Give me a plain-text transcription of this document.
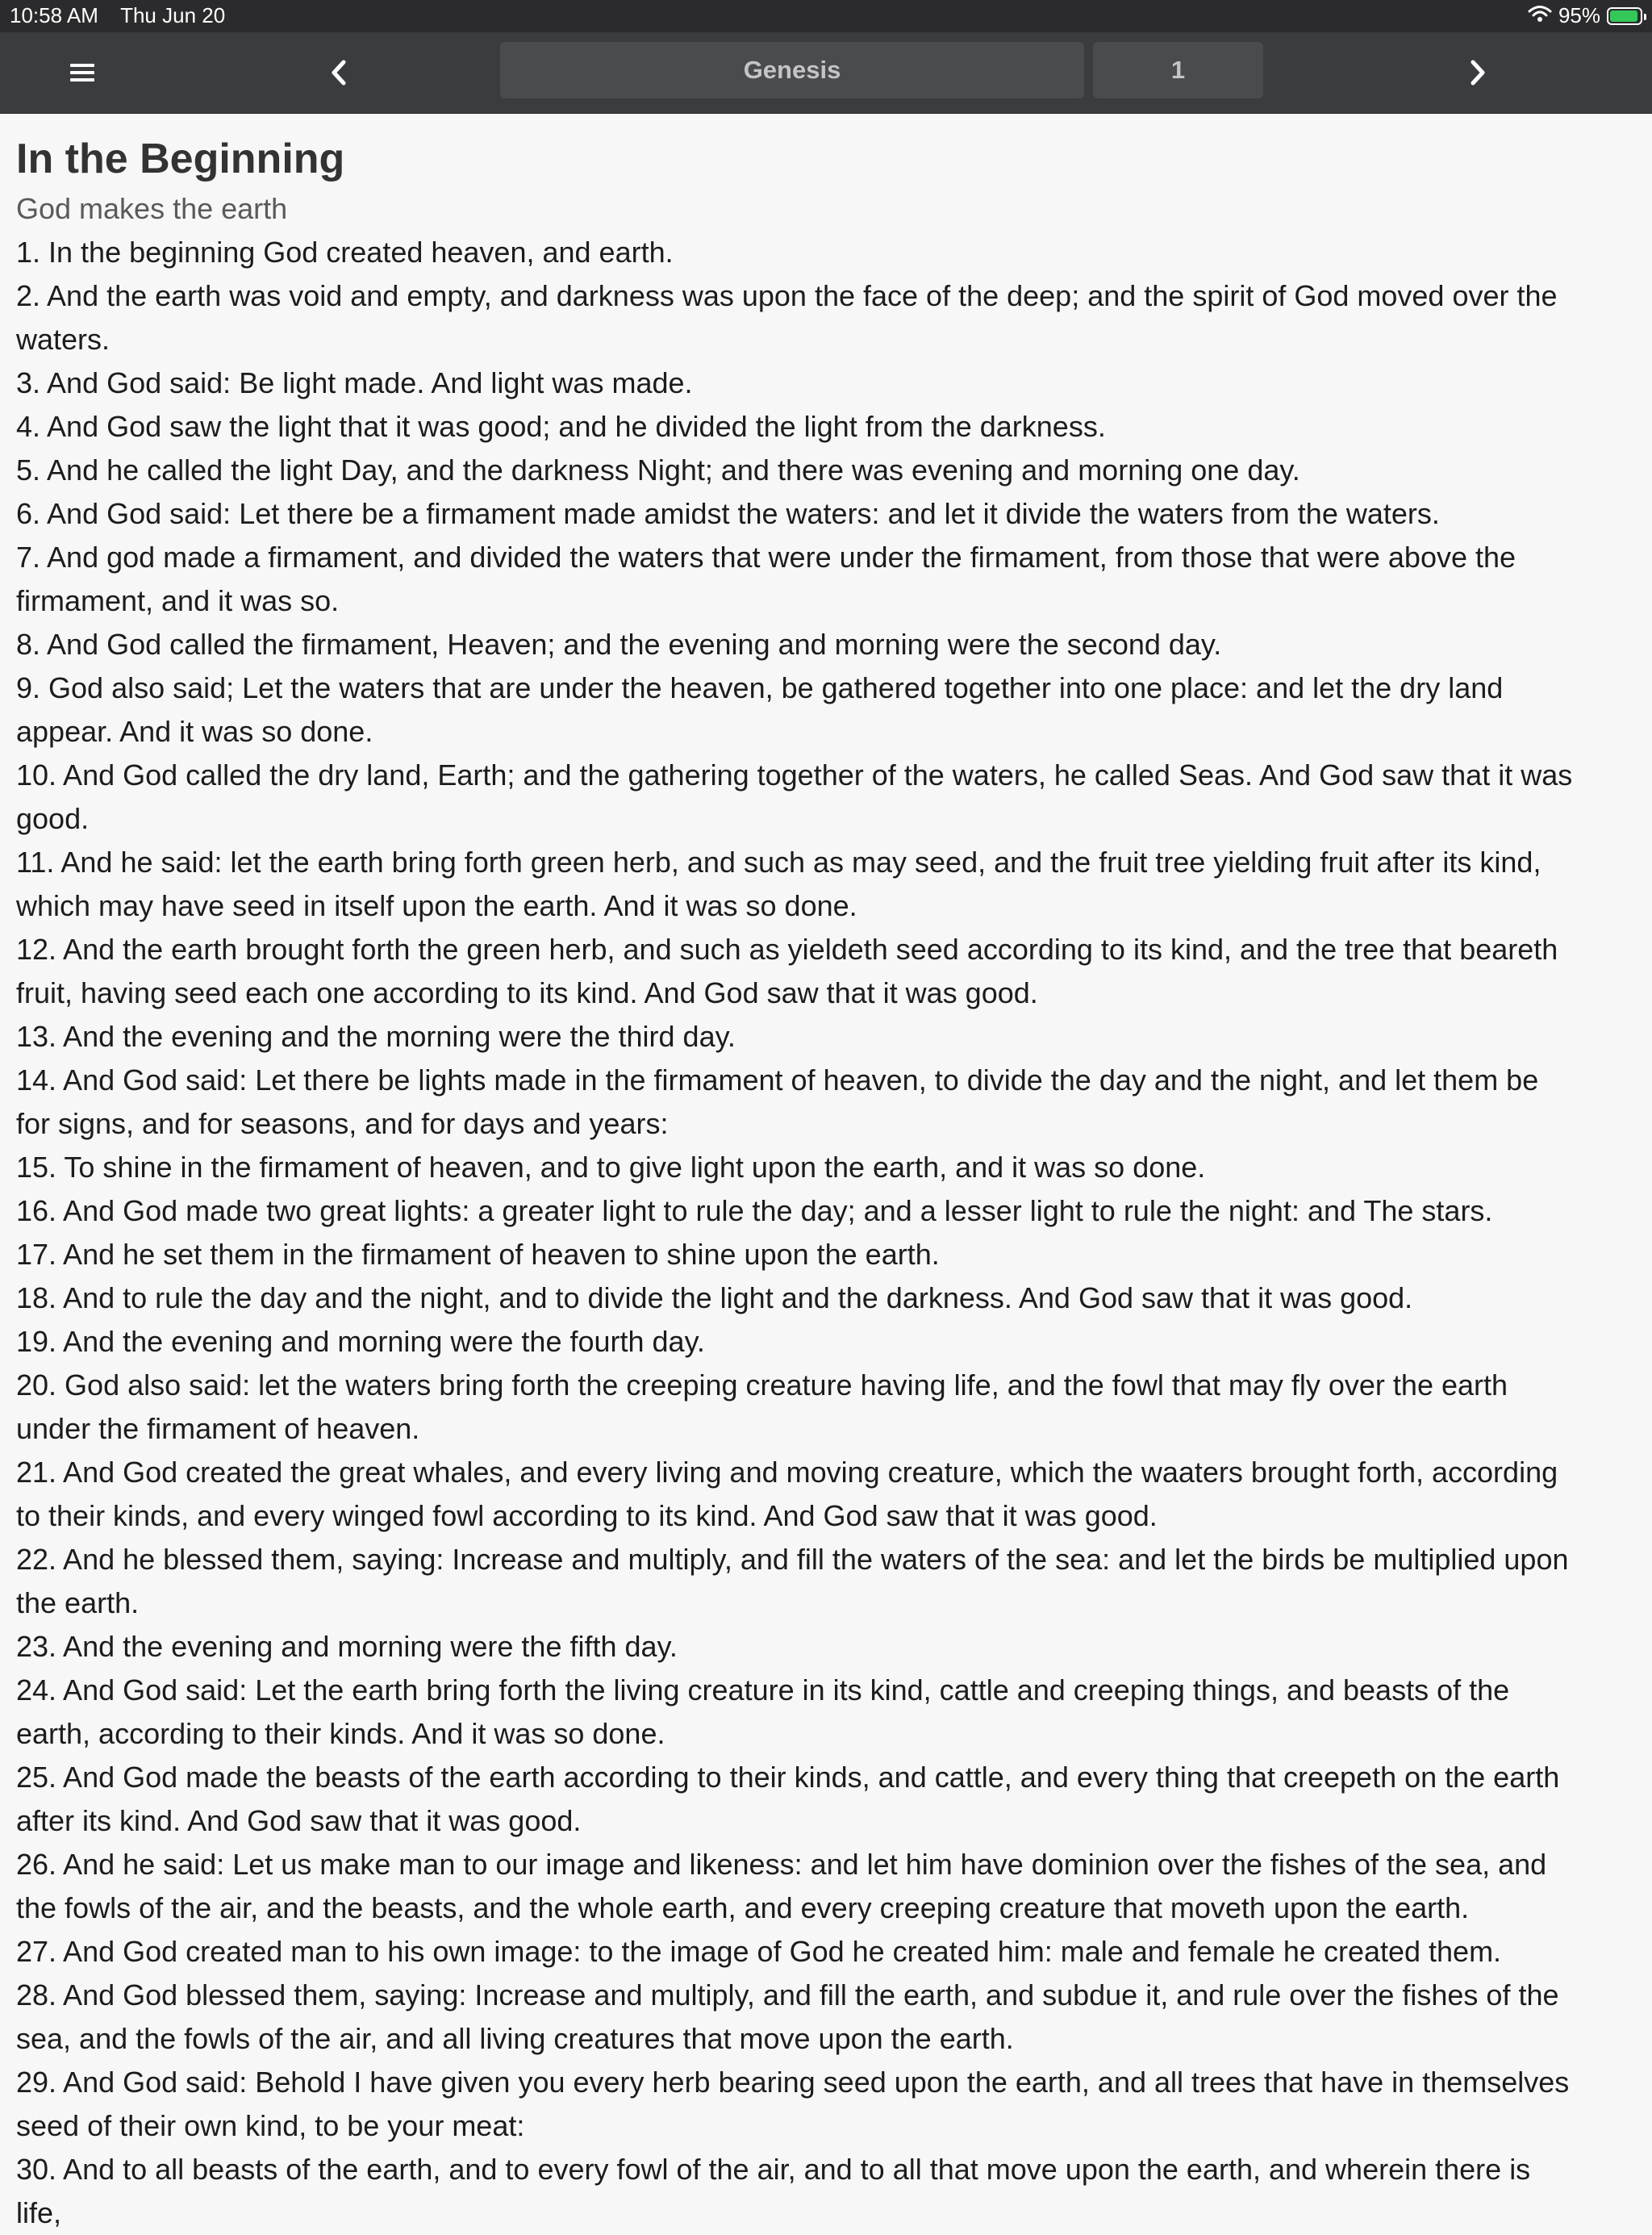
10:58 AM Thu Jun 20	95%
Genesis	1
In the Beginning
God makes the earth

1. In the beginning God created heaven, and earth.

2. And the earth was void and empty, and darkness was upon the face of the deep; and the spirit of God moved over the waters.

3. And God said: Be light made. And light was made.

4. And God saw the light that it was good; and he divided the light from the darkness.

5. And he called the light Day, and the darkness Night; and there was evening and morning one day.

6. And God said: Let there be a firmament made amidst the waters: and let it divide the waters from the waters.

7. And god made a firmament, and divided the waters that were under the firmament, from those that were above the firmament, and it was so.

8. And God called the firmament, Heaven; and the evening and morning were the second day.

9. God also said; Let the waters that are under the heaven, be gathered together into one place: and let the dry land appear. And it was so done.

10. And God called the dry land, Earth; and the gathering together of the waters, he called Seas. And God saw that it was good.

11. And he said: let the earth bring forth green herb, and such as may seed, and the fruit tree yielding fruit after its kind, which may have seed in itself upon the earth. And it was so done.

12. And the earth brought forth the green herb, and such as yieldeth seed according to its kind, and the tree that beareth fruit, having seed each one according to its kind. And God saw that it was good.

13. And the evening and the morning were the third day.

14. And God said: Let there be lights made in the firmament of heaven, to divide the day and the night, and let them be for signs, and for seasons, and for days and years:

15. To shine in the firmament of heaven, and to give light upon the earth, and it was so done.

16. And God made two great lights: a greater light to rule the day; and a lesser light to rule the night: and The stars.

17. And he set them in the firmament of heaven to shine upon the earth.

18. And to rule the day and the night, and to divide the light and the darkness. And God saw that it was good.

19. And the evening and morning were the fourth day.

20. God also said: let the waters bring forth the creeping creature having life, and the fowl that may fly over the earth under the firmament of heaven.

21. And God created the great whales, and every living and moving creature, which the waaters brought forth, according to their kinds, and every winged fowl according to its kind. And God saw that it was good.

22. And he blessed them, saying: Increase and multiply, and fill the waters of the sea: and let the birds be multiplied upon the earth.

23. And the evening and morning were the fifth day.

24. And God said: Let the earth bring forth the living creature in its kind, cattle and creeping things, and beasts of the earth, according to their kinds. And it was so done.

25. And God made the beasts of the earth according to their kinds, and cattle, and every thing that creepeth on the earth after its kind. And God saw that it was good.

26. And he said: Let us make man to our image and likeness: and let him have dominion over the fishes of the sea, and the fowls of the air, and the beasts, and the whole earth, and every creeping creature that moveth upon the earth.

27. And God created man to his own image: to the image of God he created him: male and female he created them.

28. And God blessed them, saying: Increase and multiply, and fill the earth, and subdue it, and rule over the fishes of the sea, and the fowls of the air, and all living creatures that move upon the earth.

29. And God said: Behold I have given you every herb bearing seed upon the earth, and all trees that have in themselves seed of their own kind, to be your meat:

30. And to all beasts of the earth, and to every fowl of the air, and to all that move upon the earth, and wherein there is life,
